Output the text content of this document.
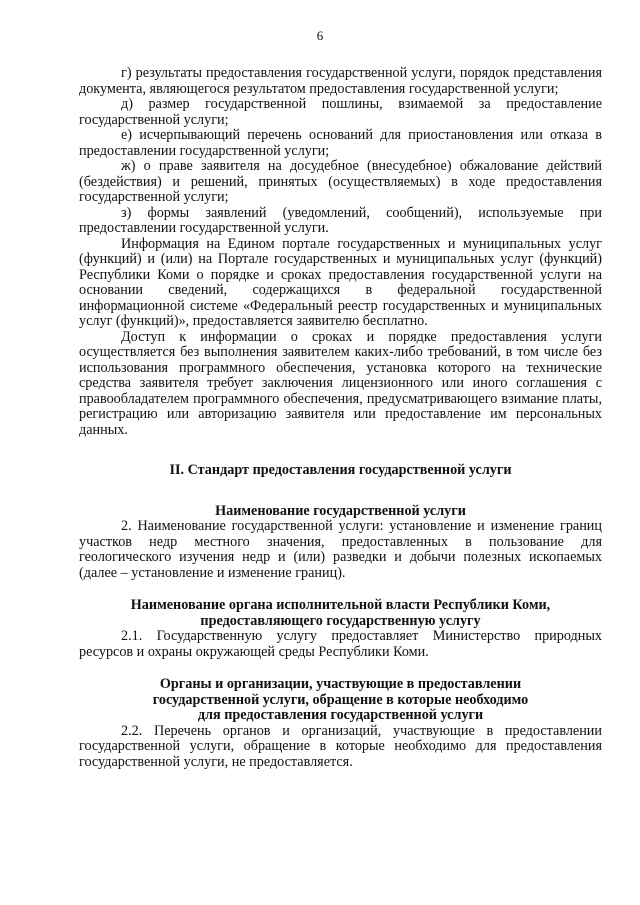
6

г) результаты предоставления государственной услуги, порядок представления документа, являющегося результатом предоставления государственной услуги;

д) размер государственной пошлины, взимаемой за предоставление государственной услуги;

е) исчерпывающий перечень оснований для приостановления или отказа в предоставлении государственной услуги;

ж) о праве заявителя на досудебное (внесудебное) обжалование действий (бездействия) и решений, принятых (осуществляемых) в ходе предоставления государственной услуги;

з) формы заявлений (уведомлений, сообщений), используемые при предоставлении государственной услуги.

Информация на Едином портале государственных и муниципальных услуг (функций) и (или) на Портале государственных и муниципальных услуг (функций) Республики Коми о порядке и сроках предоставления государственной услуги на основании сведений, содержащихся в федеральной государственной информационной системе «Федеральный реестр государственных и муниципальных услуг (функций)», предоставляется заявителю бесплатно.

Доступ к информации о сроках и порядке предоставления услуги осуществляется без выполнения заявителем каких-либо требований, в том числе без использования программного обеспечения, установка которого на технические средства заявителя требует заключения лицензионного или иного соглашения с правообладателем программного обеспечения, предусматривающего взимание платы, регистрацию или авторизацию заявителя или предоставление им персональных данных.

II. Стандарт предоставления государственной услуги

Наименование государственной услуги

2. Наименование государственной услуги: установление и изменение границ участков недр местного значения, предоставленных в пользование для геологического изучения недр и (или) разведки и добычи полезных ископаемых (далее – установление и изменение границ).

Наименование органа исполнительной власти Республики Коми,

предоставляющего государственную услугу

2.1. Государственную услугу предоставляет Министерство природных ресурсов и охраны окружающей среды Республики Коми.

Органы и организации, участвующие в предоставлении

государственной услуги, обращение в которые необходимо

для предоставления государственной услуги

2.2. Перечень органов и организаций, участвующие в предоставлении государственной услуги, обращение в которые необходимо для предоставления государственной услуги, не предоставляется.
